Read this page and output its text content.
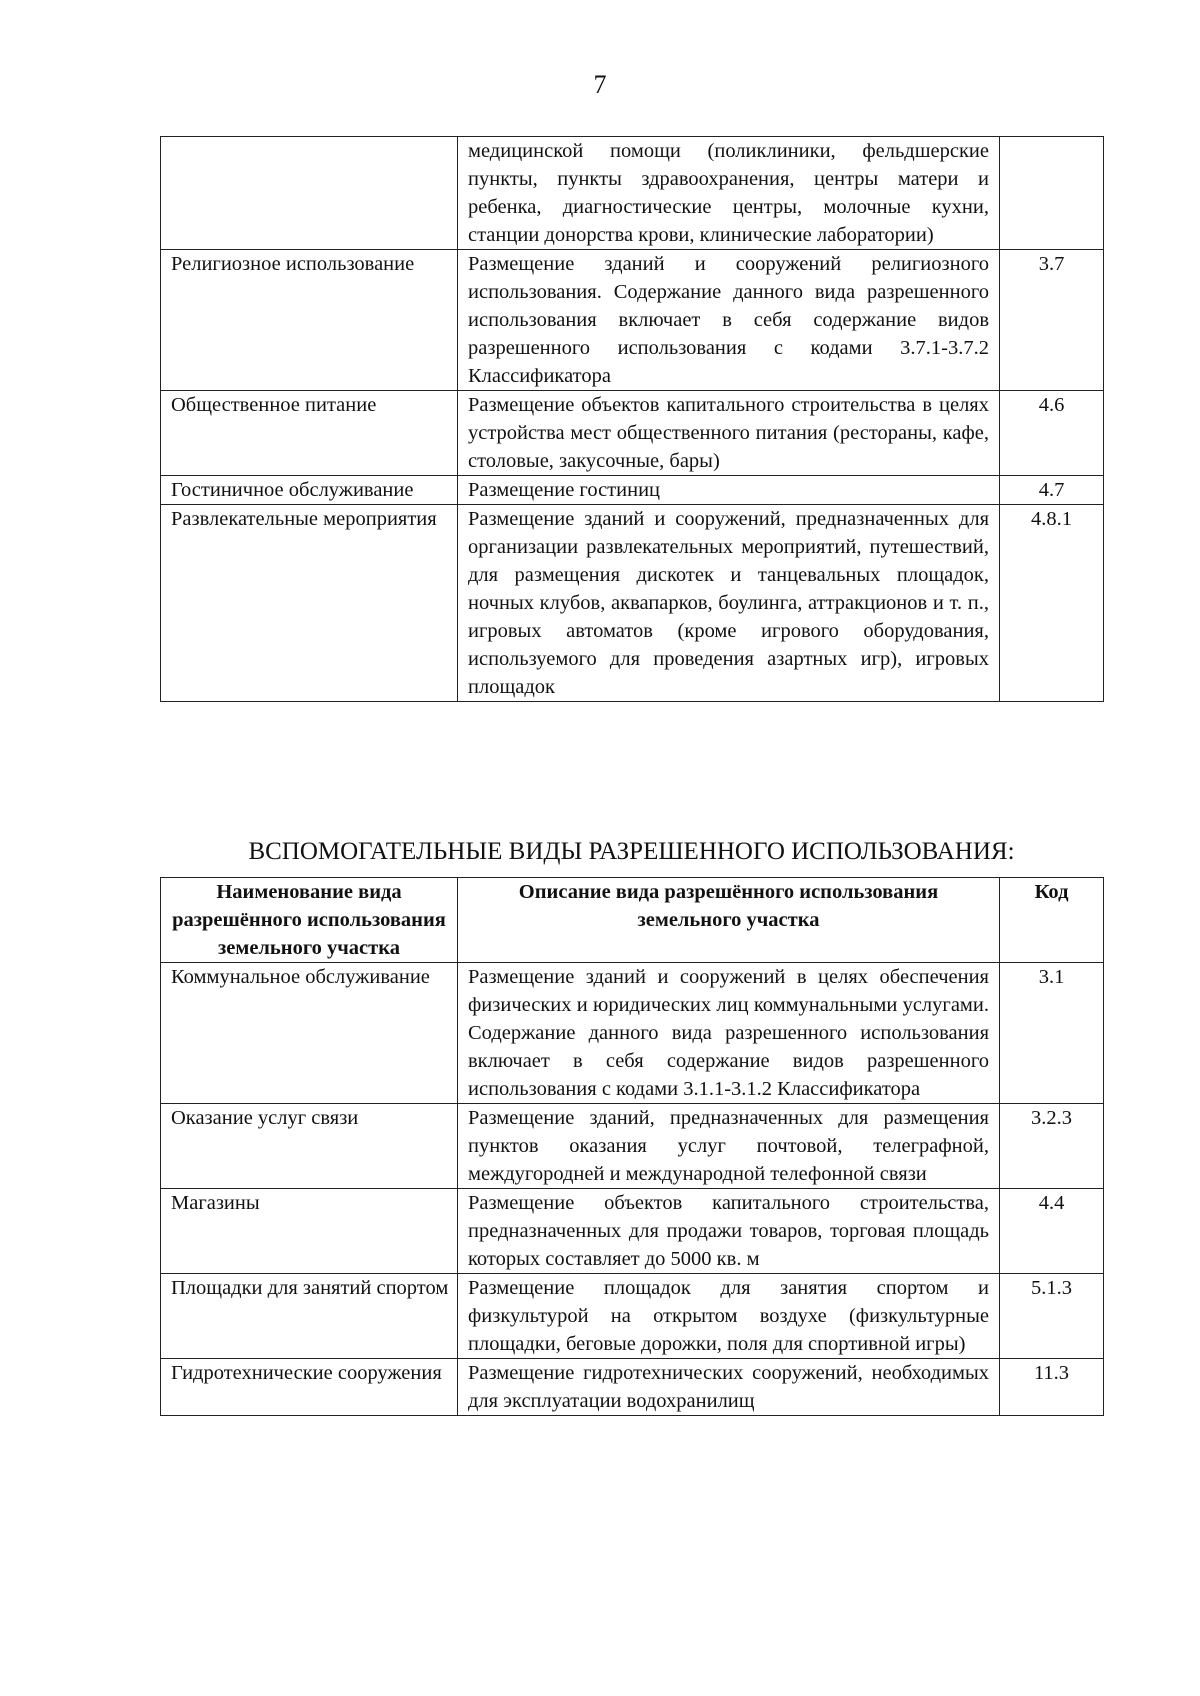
7
	медицинской помощи (поликлиники, фельдшерские пункты, пункты здравоохранения, центры матери и ребенка, диагностические центры, молочные кухни, станции донорства крови, клинические лаборатории)	
Религиозное использование	Размещение зданий и сооружений религиозного использования. Содержание данного вида разрешенного использования включает в себя содержание видов разрешенного использования с кодами 3.7.1-3.7.2 Классификатора	3.7
Общественное питание	Размещение объектов капитального строительства в целях устройства мест общественного питания (рестораны, кафе, столовые, закусочные, бары)	4.6
Гостиничное обслуживание	Размещение гостиниц	4.7
Развлекательные мероприятия	Размещение зданий и сооружений, предназначенных для организации развлекательных мероприятий, путешествий, для размещения дискотек и танцевальных площадок, ночных клубов, аквапарков, боулинга, аттракционов и т. п., игровых автоматов (кроме игрового оборудования, используемого для проведения азартных игр), игровых площадок	4.8.1
ВСПОМОГАТЕЛЬНЫЕ ВИДЫ РАЗРЕШЕННОГО ИСПОЛЬЗОВАНИЯ:
Наименование вида разрешённого использования земельного участка	Описание вида разрешённого использования земельного участка	Код
Коммунальное обслуживание	Размещение зданий и сооружений в целях обеспечения физических и юридических лиц коммунальными услугами. Содержание данного вида разрешенного использования включает в себя содержание видов разрешенного использования с кодами 3.1.1-3.1.2 Классификатора	3.1
Оказание услуг связи	Размещение зданий, предназначенных для размещения пунктов оказания услуг почтовой, телеграфной, междугородней и международной телефонной связи	3.2.3
Магазины	Размещение объектов капитального строительства, предназначенных для продажи товаров, торговая площадь которых составляет до 5000 кв. м	4.4
Площадки для занятий спортом	Размещение площадок для занятия спортом и физкультурой на открытом воздухе (физкультурные площадки, беговые дорожки, поля для спортивной игры)	5.1.3
Гидротехнические сооружения	Размещение гидротехнических сооружений, необходимых для эксплуатации водохранилищ	11.3
